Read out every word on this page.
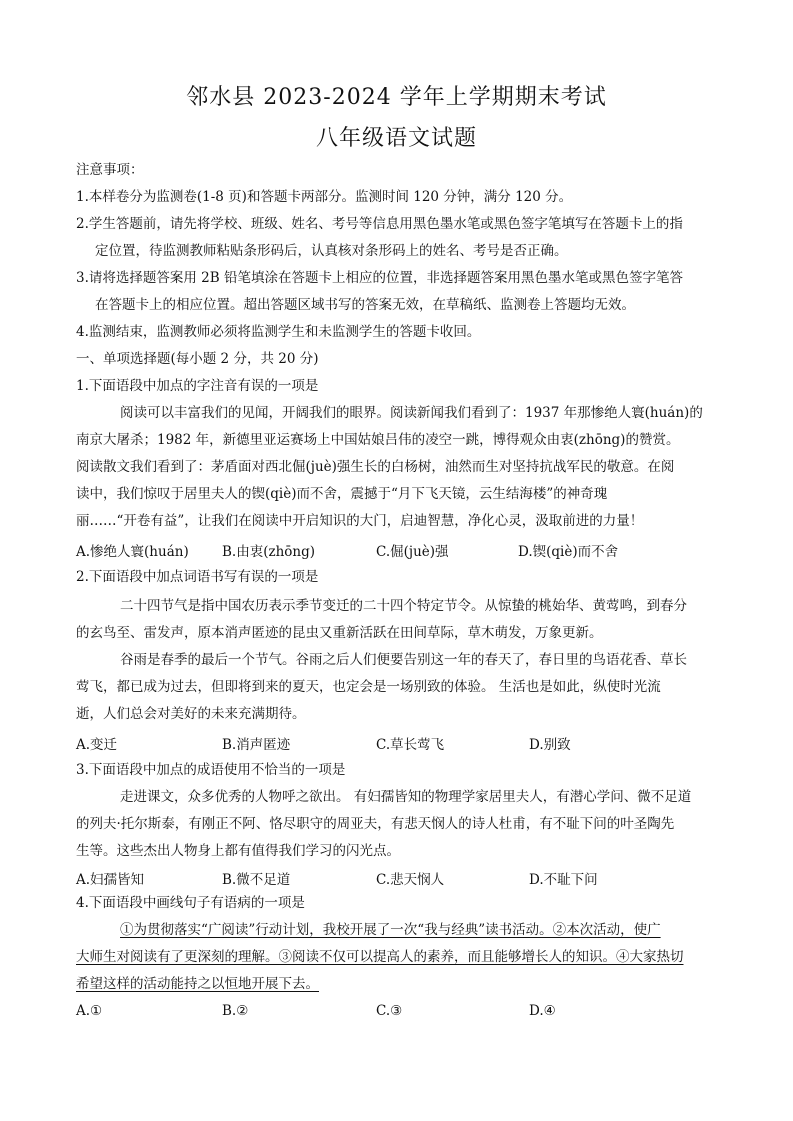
邻水县 2023-2024 学年上学期期末考试
八年级语文试题
注意事项：
1.本样卷分为监测卷(1-8 页)和答题卡两部分。监测时间 120 分钟，满分 120 分。
2.学生答题前，请先将学校、班级、姓名、考号等信息用黑色墨水笔或黑色签字笔填写在答题卡上的指
定位置，待监测教师粘贴条形码后，认真核对条形码上的姓名、考号是否正确。
3.请将选择题答案用 2B 铅笔填涂在答题卡上相应的位置，非选择题答案用黑色墨水笔或黑色签字笔答
在答题卡上的相应位置。超出答题区域书写的答案无效，在草稿纸、监测卷上答题均无效。
4.监测结束，监测教师必须将监测学生和未监测学生的答题卡收回。
一、单项选择题(每小题 2 分，共 20 分)
1.下面语段中加点的字注音有误的一项是
阅读可以丰富我们的见闻，开阔我们的眼界。阅读新闻我们看到了：1937 年那惨绝人寰(huán)的
南京大屠杀；1982 年，新德里亚运赛场上中国姑娘吕伟的凌空一跳，博得观众由衷(zhōng)的赞赏。
阅读散文我们看到了：茅盾面对西北倔(juè)强生长的白杨树，油然而生对坚持抗战军民的敬意。在阅
读中，我们惊叹于居里夫人的锲(qiè)而不舍，震撼于“月下飞天镜，云生结海楼”的神奇瑰
丽……“开卷有益”，让我们在阅读中开启知识的大门，启迪智慧，净化心灵，汲取前进的力量！
A.惨绝人寰(huán) B.由衷(zhōng)	C.倔(juè)强	D.锲(qiè)而不舍
2.下面语段中加点词语书写有误的一项是
二十四节气是指中国农历表示季节变迁的二十四个特定节令。从惊蛰的桃始华、黄莺鸣，到春分
的玄鸟至、雷发声，原本消声匿迹的昆虫又重新活跃在田间草际，草木萌发，万象更新。
谷雨是春季的最后一个节气。谷雨之后人们便要告别这一年的春天了，春日里的鸟语花香、草长
莺飞，都已成为过去，但即将到来的夏天，也定会是一场别致的体验。 生活也是如此，纵使时光流
逝，人们总会对美好的未来充满期待。
A.变迁	B.消声匿迹	C.草长莺飞	D.别致
3.下面语段中加点的成语使用不恰当的一项是
走进课文，众多优秀的人物呼之欲出。 有妇孺皆知的物理学家居里夫人，有潜心学问、微不足道
的列夫·托尔斯泰，有刚正不阿、恪尽职守的周亚夫，有悲天悯人的诗人杜甫，有不耻下问的叶圣陶先
生等。这些杰出人物身上都有值得我们学习的闪光点。
A.妇孺皆知	B.微不足道	C.悲天悯人	D.不耻下问
4.下面语段中画线句子有语病的一项是
①为贯彻落实“广阅读”行动计划，我校开展了一次“我与经典”读书活动。②本次活动，使广
大师生对阅读有了更深刻的理解。③阅读不仅可以提高人的素养，而且能够增长人的知识。④大家热切
希望这样的活动能持之以恒地开展下去。
A.①	B.②	C.③	D.④
